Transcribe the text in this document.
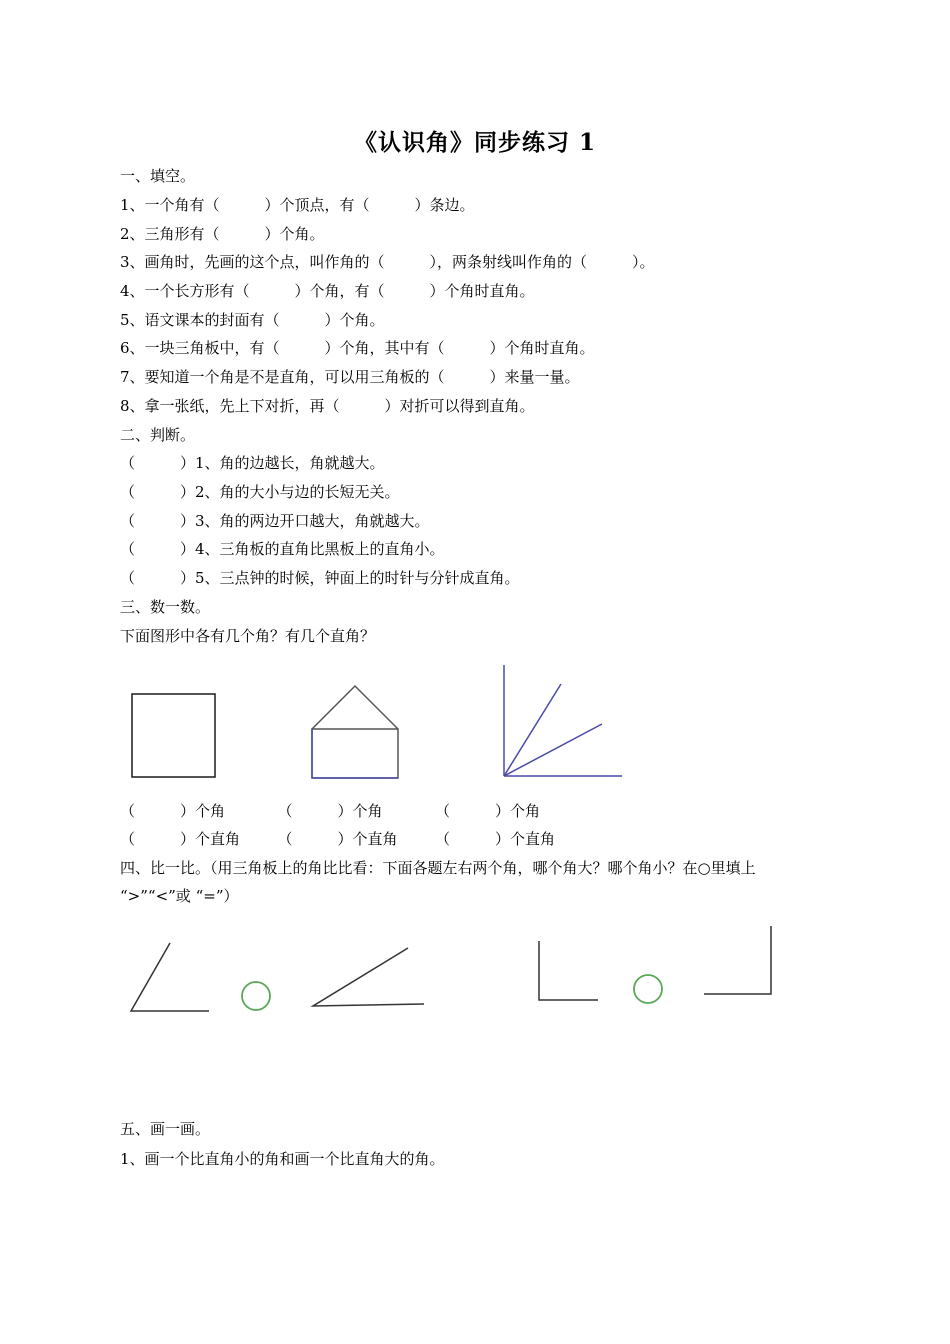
《认识角》同步练习 1
一、填空。
1、一个角有（　　　）个顶点，有（　　　）条边。
2、三角形有（　　　）个角。
3、画角时，先画的这个点，叫作角的（　　　），两条射线叫作角的（　　　）。
4、一个长方形有（　　　）个角，有（　　　）个角时直角。
5、语文课本的封面有（　　　）个角。
6、一块三角板中，有（　　　）个角，其中有（　　　）个角时直角。
7、要知道一个角是不是直角，可以用三角板的（　　　）来量一量。
8、拿一张纸，先上下对折，再（　　　）对折可以得到直角。
二、判断。
（　　　）1、角的边越长，角就越大。
（　　　）2、角的大小与边的长短无关。
（　　　）3、角的两边开口越大，角就越大。
（　　　）4、三角板的直角比黑板上的直角小。
（　　　）5、三点钟的时候，钟面上的时针与分针成直角。
三、数一数。
下面图形中各有几个角？有几个直角？
（　　　）个角　　　　（　　　）个角　　　　（　　　）个角
（　　　）个直角　　　（　　　）个直角　　　（　　　）个直角
四、比一比。（用三角板上的角比比看：下面各题左右两个角，哪个角大？哪个角小？在○里填上
“>”“<”或 “=”）
五、画一画。
1、画一个比直角小的角和画一个比直角大的角。
